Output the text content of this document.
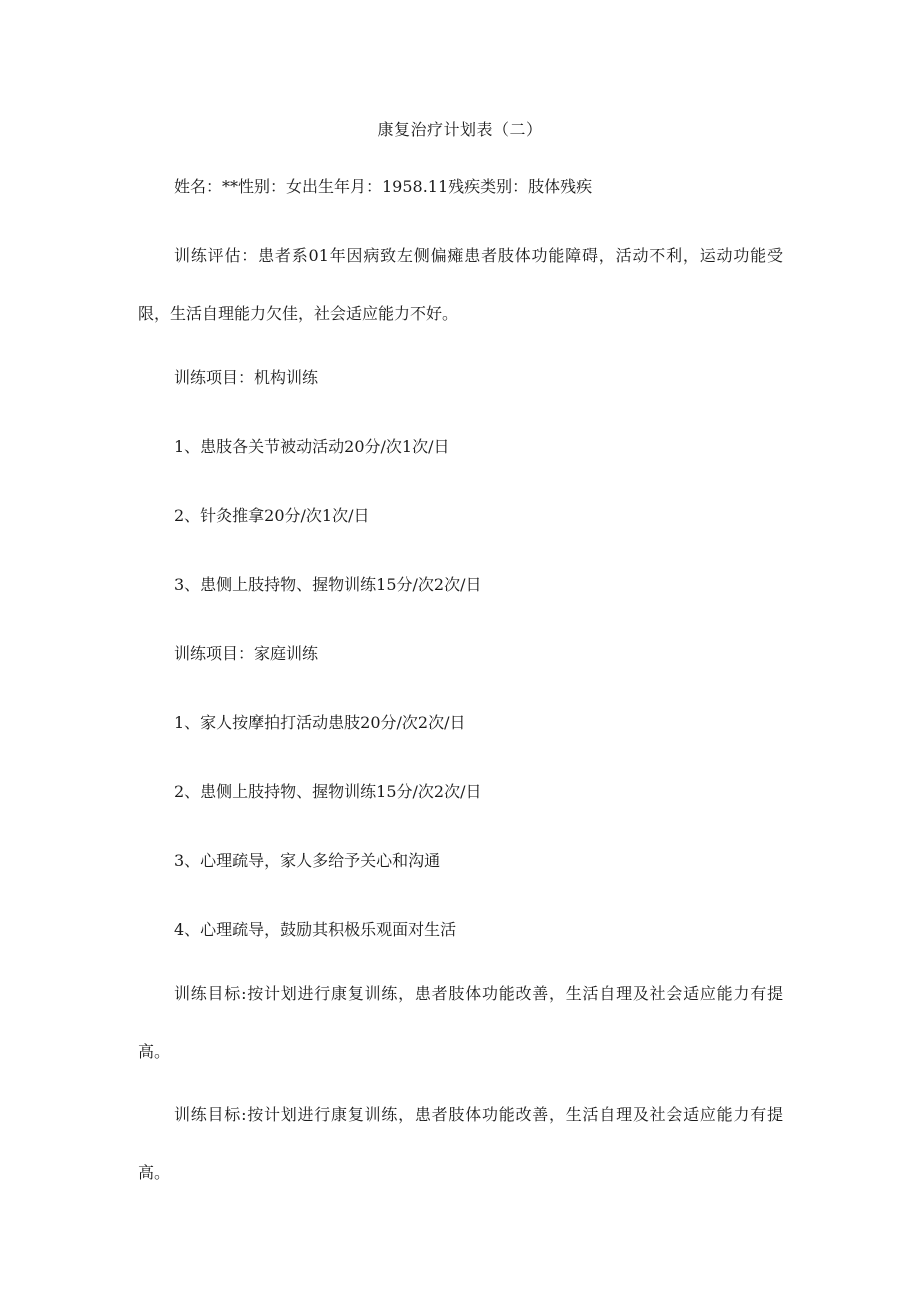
康复治疗计划表（二）
姓名：**性别：女出生年月：1958.11残疾类别：肢体残疾
训练评估：患者系01年因病致左侧偏瘫患者肢体功能障碍，活动不利，运动功能受限，生活自理能力欠佳，社会适应能力不好。
训练项目：机构训练
1、患肢各关节被动活动20分/次1次/日
2、针灸推拿20分/次1次/日
3、患侧上肢持物、握物训练15分/次2次/日
训练项目：家庭训练
1、家人按摩拍打活动患肢20分/次2次/日
2、患侧上肢持物、握物训练15分/次2次/日
3、心理疏导，家人多给予关心和沟通
4、心理疏导，鼓励其积极乐观面对生活
训练目标:按计划进行康复训练，患者肢体功能改善，生活自理及社会适应能力有提高。
训练目标:按计划进行康复训练，患者肢体功能改善，生活自理及社会适应能力有提高。
